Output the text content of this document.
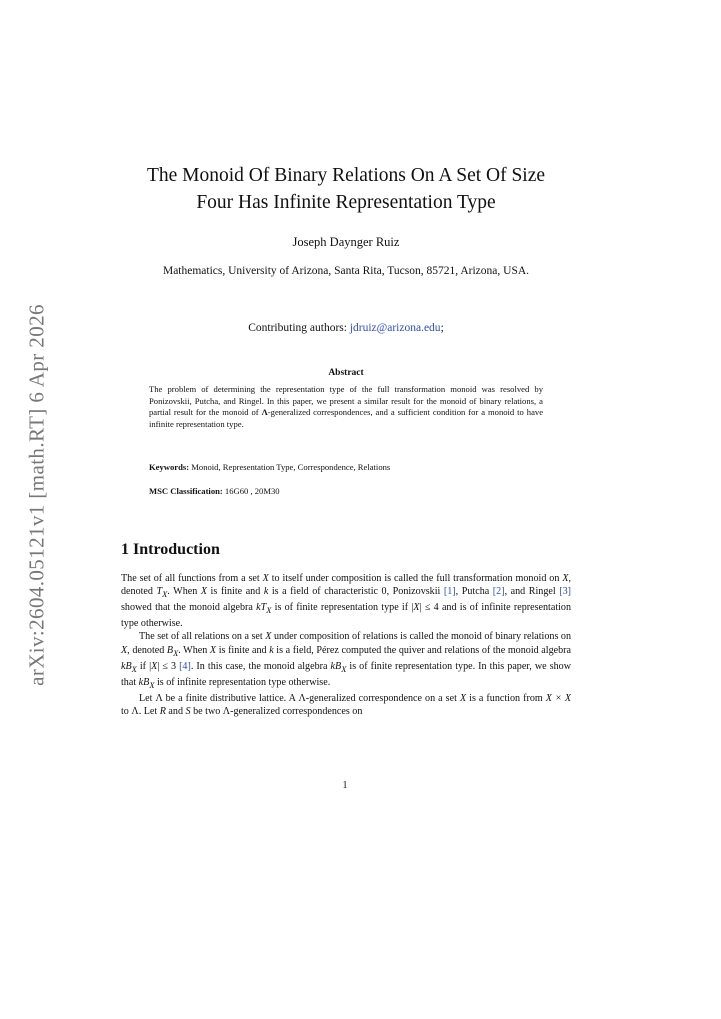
arXiv:2604.05121v1 [math.RT] 6 Apr 2026
The Monoid Of Binary Relations On A Set Of Size
Four Has Infinite Representation Type
Joseph Daynger Ruiz
Mathematics, University of Arizona, Santa Rita, Tucson, 85721, Arizona, USA.
Contributing authors: jdruiz@arizona.edu;
Abstract
The problem of determining the representation type of the full transformation monoid was resolved by Ponizovskii, Putcha, and Ringel. In this paper, we present a similar result for the monoid of binary relations, a partial result for the monoid of Λ-generalized correspondences, and a sufficient condition for a monoid to have infinite representation type.
Keywords: Monoid, Representation Type, Correspondence, Relations
MSC Classification: 16G60 , 20M30
1 Introduction

The set of all functions from a set X to itself under composition is called the full transformation monoid on X, denoted $T_X$. When X is finite and k is a field of characteristic 0, Ponizovskii [1], Putcha [2], and Ringel [3] showed that the monoid algebra $kT_X$ is of finite representation type if |X| ≤ 4 and is of infinite representation type otherwise.

The set of all relations on a set X under composition of relations is called the monoid of binary relations on X, denoted $B_X$. When X is finite and k is a field, Pérez computed the quiver and relations of the monoid algebra $kB_X$ if |X| ≤ 3 [4]. In this case, the monoid algebra $kB_X$ is of finite representation type. In this paper, we show that $kB_X$ is of infinite representation type otherwise.

Let Λ be a finite distributive lattice. A Λ-generalized correspondence on a set X is a function from X × X to Λ. Let R and S be two Λ-generalized correspondences on

1
